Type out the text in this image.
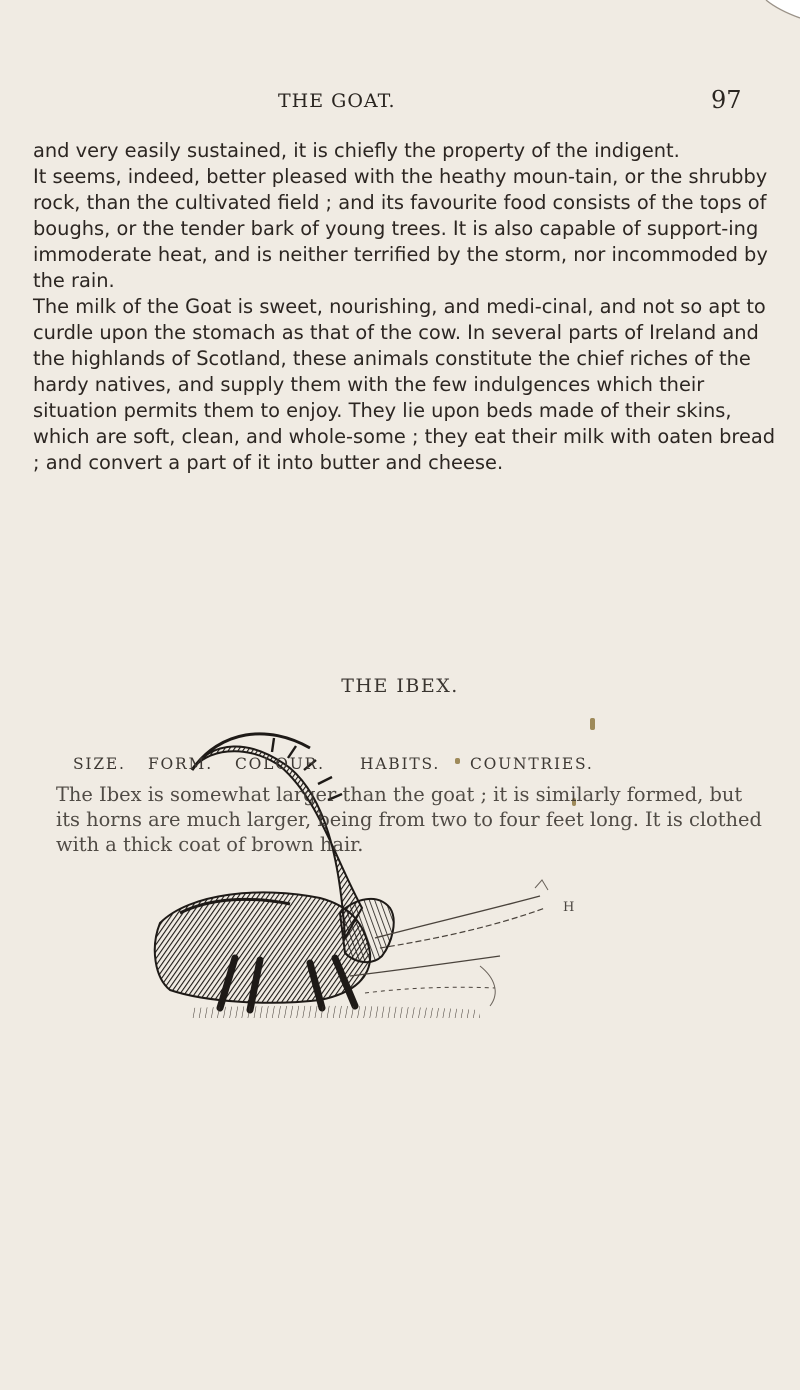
THE GOAT.	97

and very easily sustained, it is chiefly the property of the indigent.

It seems, indeed, better pleased with the heathy moun-tain, or the shrubby rock, than the cultivated field ; and its favourite food consists of the tops of boughs, or the tender bark of young trees. It is also capable of support-ing immoderate heat, and is neither terrified by the storm, nor incommoded by the rain.

The milk of the Goat is sweet, nourishing, and medi-cinal, and not so apt to curdle upon the stomach as that of the cow. In several parts of Ireland and the highlands of Scotland, these animals constitute the chief riches of the hardy natives, and supply them with the few indulgences which their situation permits them to enjoy. They lie upon beds made of their skins, which are soft, clean, and whole-some ; they eat their milk with oaten bread ; and convert a part of it into butter and cheese.

THE IBEX.
SIZE. FORM. COLOUR. HABITS. COUNTRIES.

The Ibex is somewhat larger than the goat ; it is similarly formed, but its horns are much larger, being from two to four feet long. It is clothed with a thick coat of brown hair.

H
